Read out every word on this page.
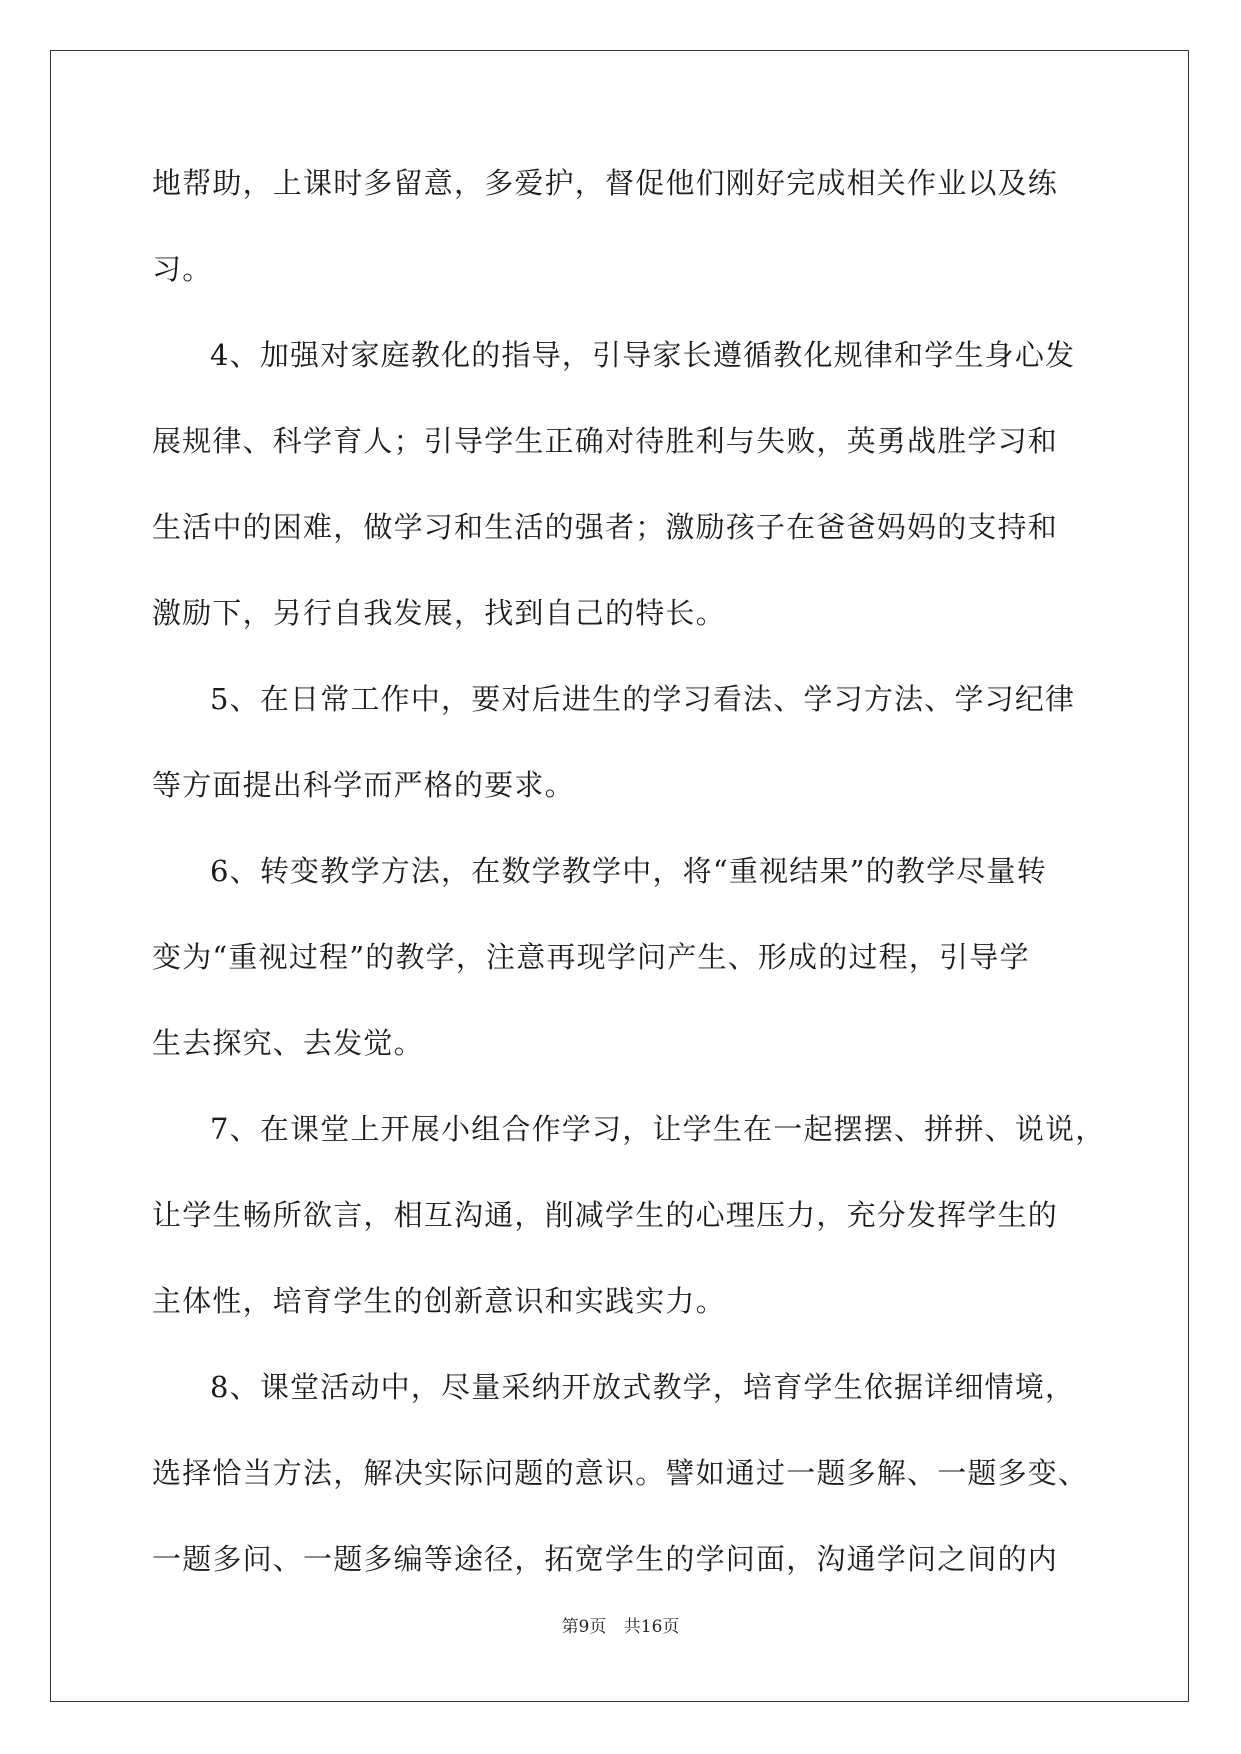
地帮助，上课时多留意，多爱护，督促他们刚好完成相关作业以及练
习。
4、加强对家庭教化的指导，引导家长遵循教化规律和学生身心发
展规律、科学育人；引导学生正确对待胜利与失败，英勇战胜学习和
生活中的困难，做学习和生活的强者；激励孩子在爸爸妈妈的支持和
激励下，另行自我发展，找到自己的特长。
5、在日常工作中，要对后进生的学习看法、学习方法、学习纪律
等方面提出科学而严格的要求。
6、转变教学方法，在数学教学中，将“重视结果”的教学尽量转
变为“重视过程”的教学，注意再现学问产生、形成的过程，引导学
生去探究、去发觉。
7、在课堂上开展小组合作学习，让学生在一起摆摆、拼拼、说说，
让学生畅所欲言，相互沟通，削减学生的心理压力，充分发挥学生的
主体性，培育学生的创新意识和实践实力。
8、课堂活动中，尽量采纳开放式教学，培育学生依据详细情境，
选择恰当方法，解决实际问题的意识。譬如通过一题多解、一题多变、
一题多问、一题多编等途径，拓宽学生的学问面，沟通学问之间的内
第9页 共16页
